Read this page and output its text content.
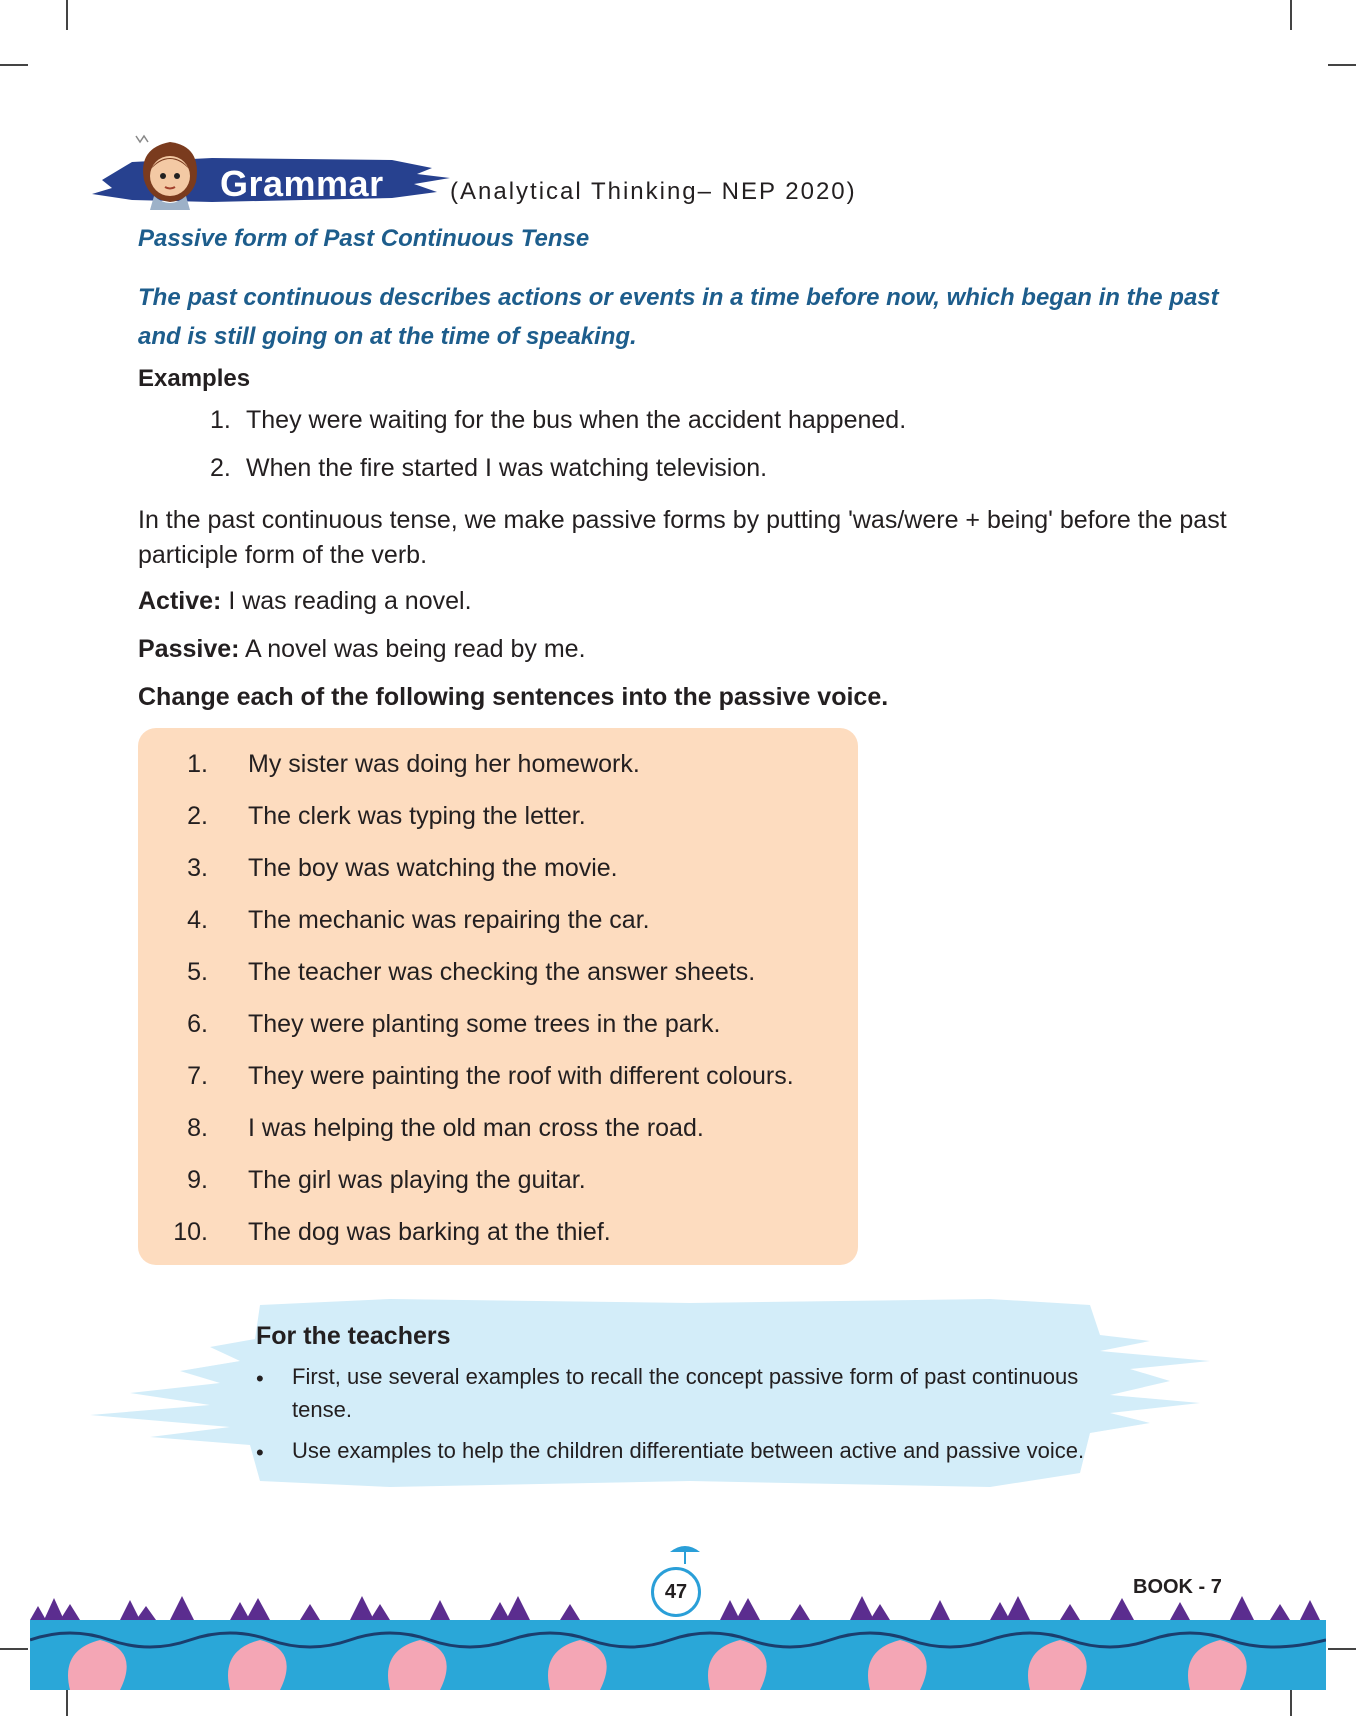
Grammar	(Analytical Thinking– NEP 2020)
Passive form of Past Continuous Tense
The past continuous describes actions or events in a time before now, which began in the past and is still going on at the time of speaking.
Examples
1. They were waiting for the bus when the accident happened.
2. When the fire started I was watching television.
In the past continuous tense, we make passive forms by putting 'was/were + being' before the past participle form of the verb.
Active: I was reading a novel.
Passive: A novel was being read by me.
Change each of the following sentences into the passive voice.
1. My sister was doing her homework.
2. The clerk was typing the letter.
3. The boy was watching the movie.
4. The mechanic was repairing the car.
5. The teacher was checking the answer sheets.
6. They were planting some trees in the park.
7. They were painting the roof with different colours.
8. I was helping the old man cross the road.
9. The girl was playing the guitar.
10. The dog was barking at the thief.
For the teachers
• First, use several examples to recall the concept passive form of past continuous tense.
• Use examples to help the children differentiate between active and passive voice.
47	BOOK - 7
